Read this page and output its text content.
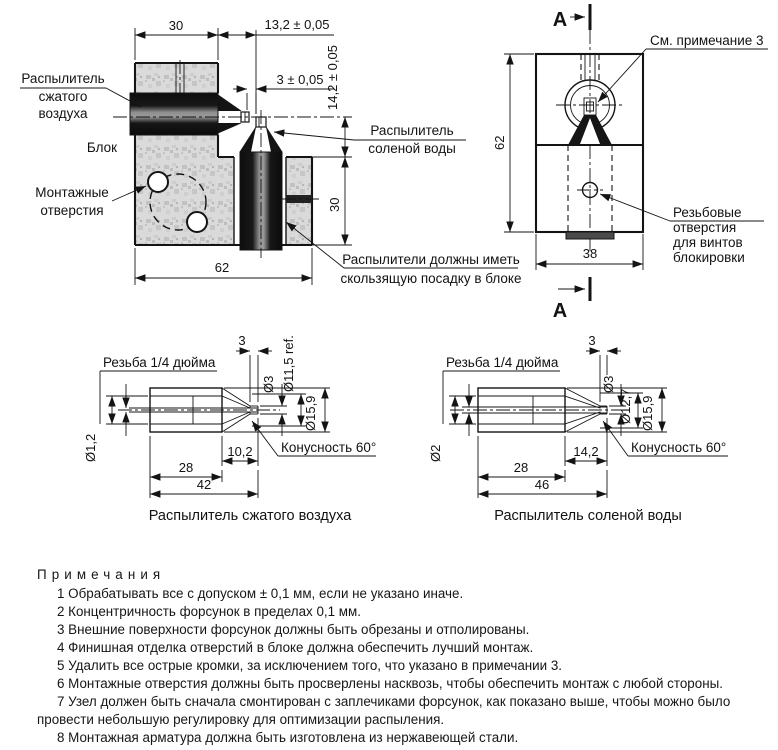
30	13,2 ± 0,05
3 ± 0,05 14,2 ± 0,05
30
62
Распылитель
сжатого
воздуха
Блок
Монтажные
отверстия
Распылитель
соленой воды
Распылители должны иметь
скользящую посадку в блоке
А
А
62
38
См. примечание 3
Резьбовые
отверстия
для винтов
блокировки
Резьба 1/4 дюйма
Ø1,2
3
Ø3 Ø11,5 ref.
Ø15,9
10,2
28
42
Конусность 60°
Распылитель сжатого воздуха
Резьба 1/4 дюйма
Ø2
3
Ø3
Ø12,7 Ø15,9
14,2
28
46
Конусность 60°
Распылитель соленой воды
Примечания

1 Обрабатывать все с допуском ± 0,1 мм, если не указано иначе.

2 Концентричность форсунок в пределах 0,1 мм.

3 Внешние поверхности форсунок должны быть обрезаны и отполированы.

4 Финишная отделка отверстий в блоке должна обеспечить лучший монтаж.

5 Удалить все острые кромки, за исключением того, что указано в примечании 3.

6 Монтажные отверстия должны быть просверлены насквозь, чтобы обеспечить монтаж с любой стороны.

7 Узел должен быть сначала смонтирован с заплечиками форсунок, как показано выше, чтобы можно было провести небольшую регулировку для оптимизации распыления.

8 Монтажная арматура должна быть изготовлена из нержавеющей стали.
